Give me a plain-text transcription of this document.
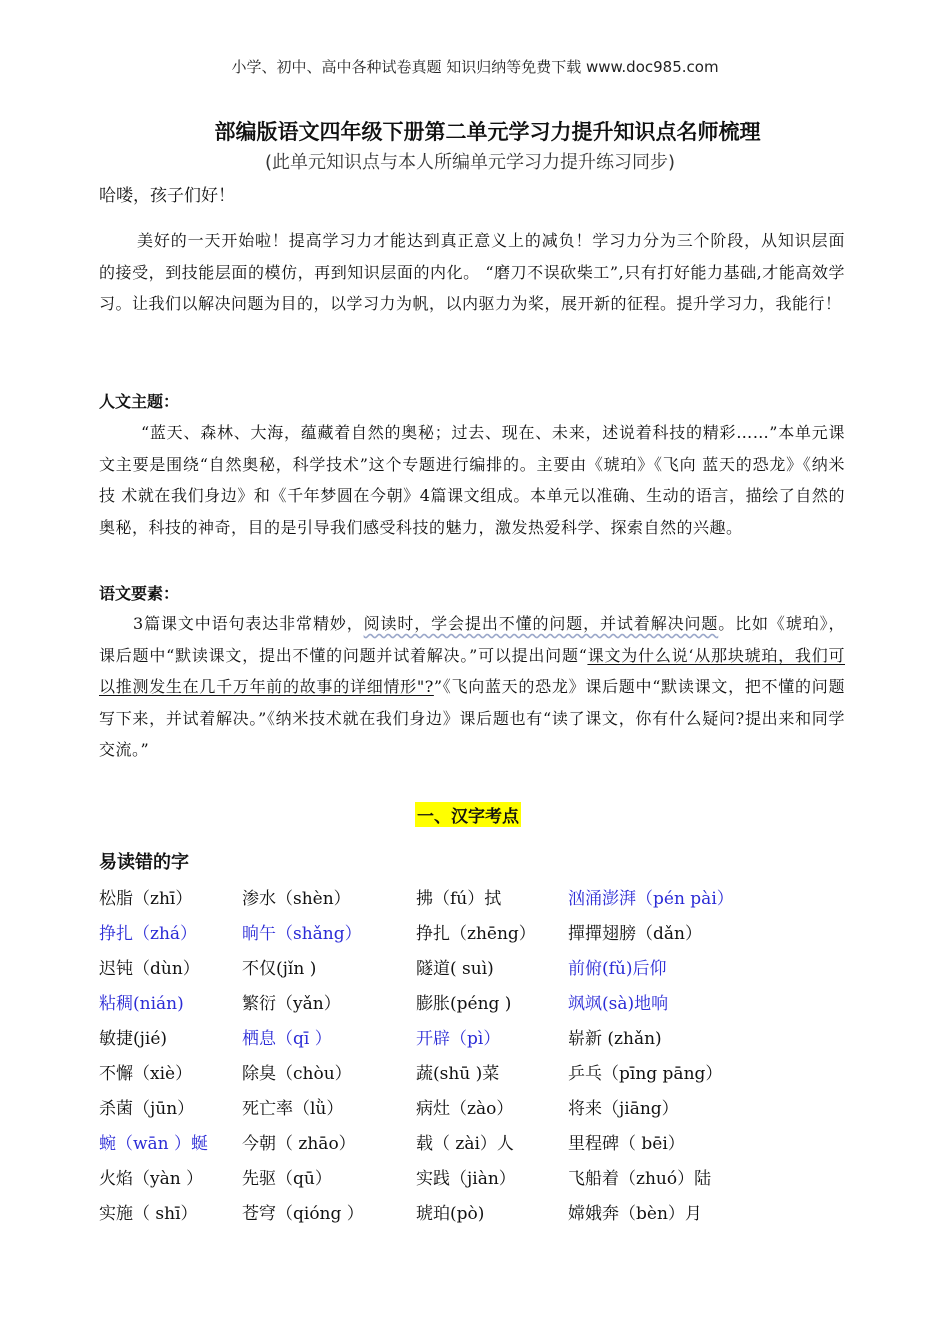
小学、初中、高中各种试卷真题 知识归纳等免费下载 www.doc985.com
部编版语文四年级下册第二单元学习力提升知识点名师梳理
(此单元知识点与本人所编单元学习力提升练习同步)
哈喽，孩子们好！
美好的一天开始啦！提高学习力才能达到真正意义上的减负！学习力分为三个阶段，从知识层面的接受，到技能层面的模仿，再到知识层面的内化。 “磨刀不误砍柴工”,只有打好能力基础,才能高效学习。让我们以解决问题为目的，以学习力为帆，以内驱力为桨，展开新的征程。提升学习力，我能行！
人文主题：
“蓝天、森林、大海，蕴藏着自然的奥秘；过去、现在、未来，述说着科技的精彩……”本单元课文主要是围绕“自然奥秘，科学技术”这个专题进行编排的。主要由《琥珀》《飞向 蓝天的恐龙》《纳米技 术就在我们身边》和《千年梦圆在今朝》4篇课文组成。本单元以准确、生动的语言，描绘了自然的奥秘，科技的神奇，目的是引导我们感受科技的魅力，激发热爱科学、探索自然的兴趣。
语文要素：
3篇课文中语句表达非常精妙，阅读时，学会提出不懂的问题，并试着解决问题。比如《琥珀》，课后题中“默读课文，提出不懂的问题并试着解决。”可以提出问题“课文为什么说‘从那块琥珀，我们可以推测发生在几千万年前的故事的详细情形"?”《飞向蓝天的恐龙》课后题中“默读课文，把不懂的问题写下来，并试着解决。”《纳米技术就在我们身边》课后题也有“读了课文，你有什么疑问?提出来和同学交流。”
一、汉字考点
易读错的字
松脂（zhī）	渗水（shèn）	拂（fú）拭	汹涌澎湃（pén pài）
挣扎（zhá）	晌午（shǎng）	挣扎（zhēng） 撣撣翅膀（dǎn）
迟钝（dùn） 不仅(jǐn )	隧道( suì)	前俯(fǔ)后仰
粘稠(nián)	繁衍（yǎn）	膨胀(péng )	飒飒(sà)地响
敏捷(jié)	栖息（qī ）	开辟（pì）	崭新 (zhǎn)
不懈（xiè）	除臭（chòu）	蔬(shū )菜	乒乓（pīng pāng）
杀菌（jūn）	死亡率（lǜ）	病灶（zào）	将来（jiāng）
蜿（wān ）蜒 今朝（ zhāo）	载（ zài）人	里程碑（ bēi）
火焰（yàn ） 先驱（qū）	实践（jiàn）	飞船着（zhuó）陆
实施（ shī）	苍穹（qióng ）	琥珀(pò)	嫦娥奔（bèn）月
